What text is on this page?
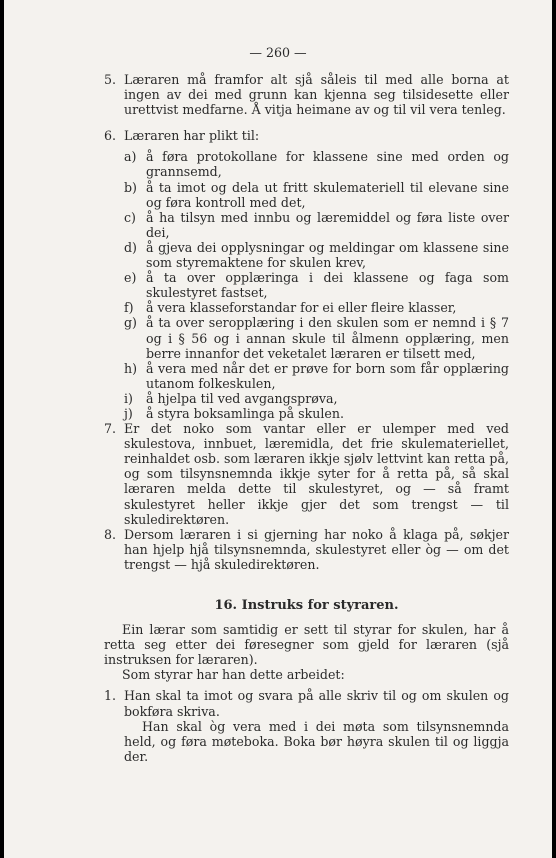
— 260 —
5. Læraren må framfor alt sjå såleis til med alle borna at ingen av dei med grunn kan kjenna seg tilsidesette eller urettvist medfarne. Å vitja heimane av og til vil vera tenleg.
6. Læraren har plikt til:
a) å føra protokollane for klassene sine med orden og grannsemd,
b) å ta imot og dela ut fritt skulemateriell til elevane sine og føra kontroll med det,
c) å ha tilsyn med innbu og læremiddel og føra liste over dei,
d) å gjeva dei opplysningar og meldingar om klassene sine som styremaktene for skulen krev,
e) å ta over opplæringa i dei klassene og faga som skulestyret fastset,
f) å vera klasseforstandar for ei eller fleire klasser,
g) å ta over seropplæring i den skulen som er nemnd i § 7 og i § 56 og i annan skule til ålmenn opplæring, men berre innanfor det veketalet læraren er tilsett med,
h) å vera med når det er prøve for born som får opplæring utanom folkeskulen,
i) å hjelpa til ved avgangsprøva,
j) å styra boksamlinga på skulen.
7. Er det noko som vantar eller er ulemper med ved skulestova, innbuet, læremidla, det frie skulemateriellet, reinhaldet osb. som læraren ikkje sjølv lettvint kan retta på, og som tilsynsnemnda ikkje syter for å retta på, så skal læraren melda dette til skulestyret, og — så framt skulestyret heller ikkje gjer det som trengst — til skuledirektøren.
8. Dersom læraren i si gjerning har noko å klaga på, søkjer han hjelp hjå tilsynsnemnda, skulestyret eller òg — om det trengst — hjå skuledirektøren.
16. Instruks for styraren.
Ein lærar som samtidig er sett til styrar for skulen, har å retta seg etter dei føresegner som gjeld for læraren (sjå instruksen for læraren).
Som styrar har han dette arbeidet:
1. Han skal ta imot og svara på alle skriv til og om skulen og bokføra skriva.
Han skal òg vera med i dei møta som tilsynsnemnda held, og føra møteboka. Boka bør høyra skulen til og liggja der.
